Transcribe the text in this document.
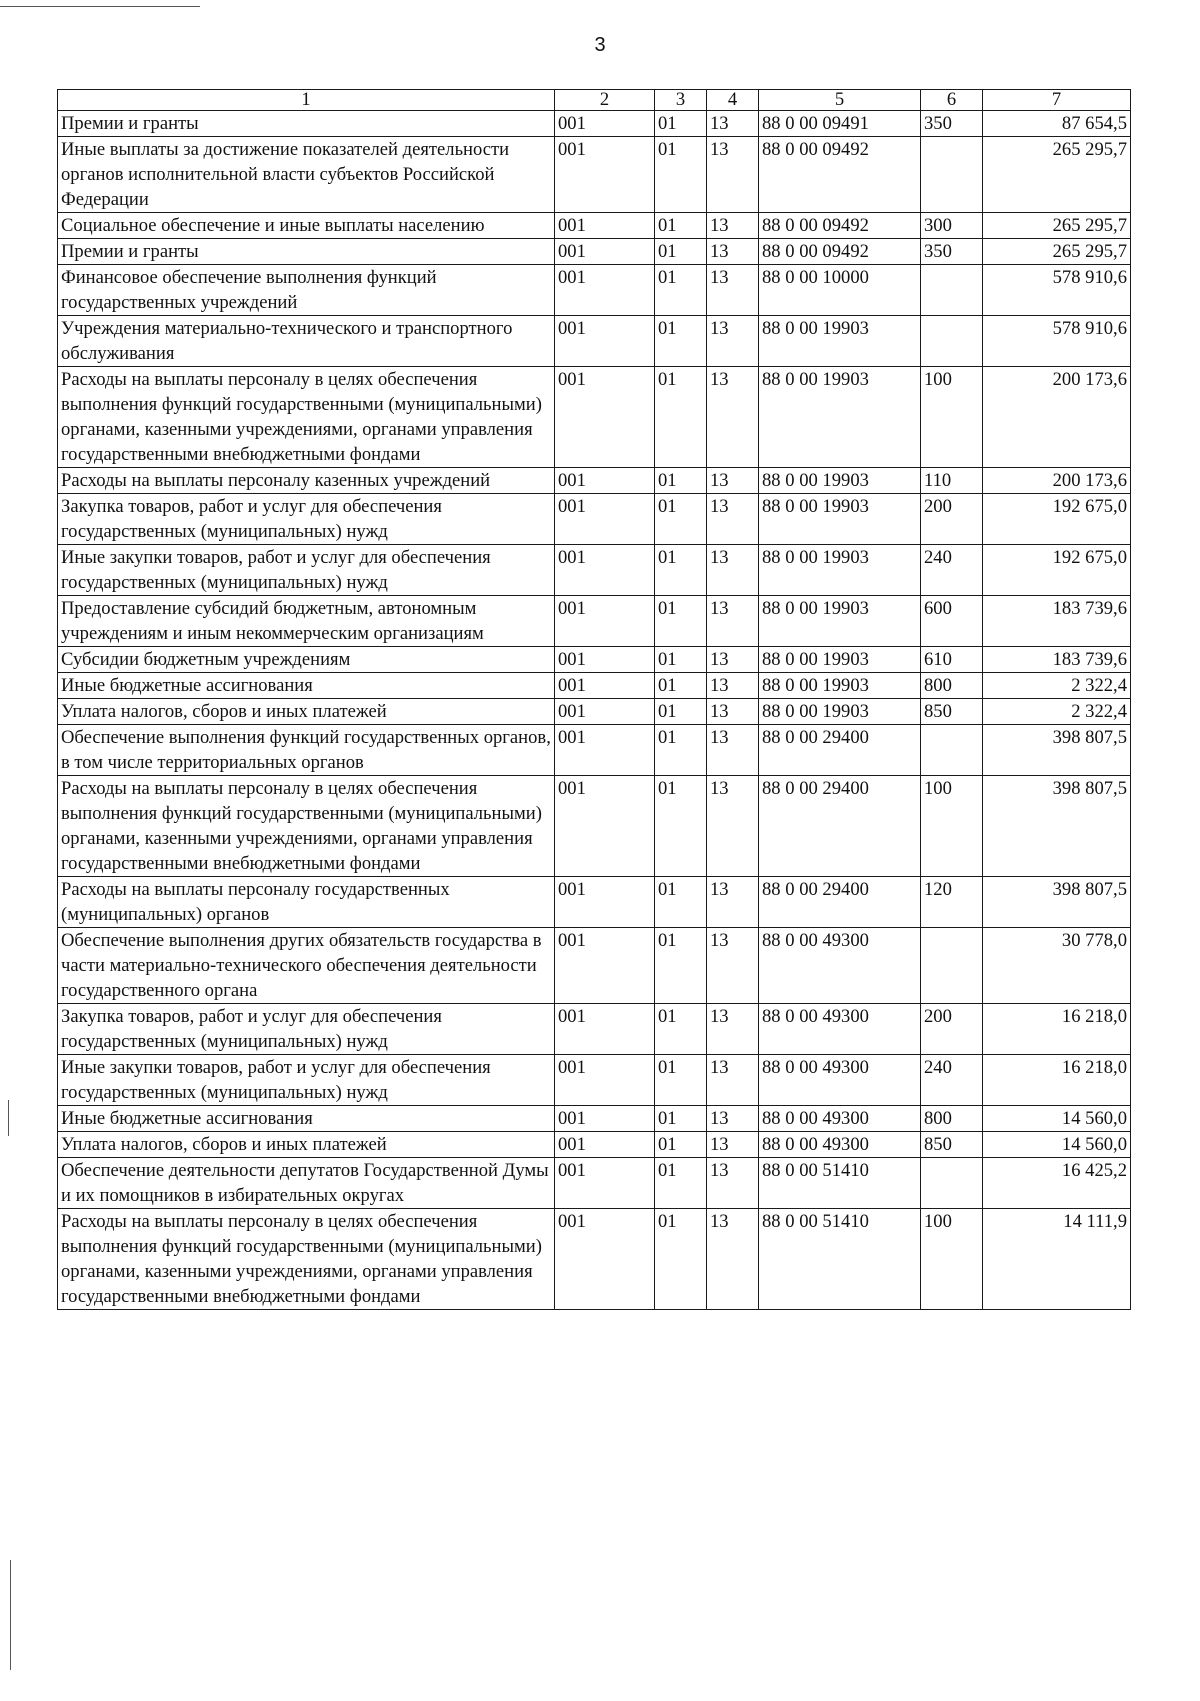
3
1	2	3	4	5	6	7
Премии и гранты	001	01	13	88 0 00 09491	350	87 654,5
Иные выплаты за достижение показателей деятельности органов исполнительной власти субъектов Российской Федерации	001	01	13	88 0 00 09492		265 295,7
Социальное обеспечение и иные выплаты населению	001	01	13	88 0 00 09492	300	265 295,7
Премии и гранты	001	01	13	88 0 00 09492	350	265 295,7
Финансовое обеспечение выполнения функций государственных учреждений	001	01	13	88 0 00 10000		578 910,6
Учреждения материально-технического и транспортного обслуживания	001	01	13	88 0 00 19903		578 910,6
Расходы на выплаты персоналу в целях обеспечения выполнения функций государственными (муниципальными) органами, казенными учреждениями, органами управления государственными внебюджетными фондами	001	01	13	88 0 00 19903	100	200 173,6
Расходы на выплаты персоналу казенных учреждений	001	01	13	88 0 00 19903	110	200 173,6
Закупка товаров, работ и услуг для обеспечения государственных (муниципальных) нужд	001	01	13	88 0 00 19903	200	192 675,0
Иные закупки товаров, работ и услуг для обеспечения государственных (муниципальных) нужд	001	01	13	88 0 00 19903	240	192 675,0
Предоставление субсидий бюджетным, автономным учреждениям и иным некоммерческим организациям	001	01	13	88 0 00 19903	600	183 739,6
Субсидии бюджетным учреждениям	001	01	13	88 0 00 19903	610	183 739,6
Иные бюджетные ассигнования	001	01	13	88 0 00 19903	800	2 322,4
Уплата налогов, сборов и иных платежей	001	01	13	88 0 00 19903	850	2 322,4
Обеспечение выполнения функций государственных органов, в том числе территориальных органов	001	01	13	88 0 00 29400		398 807,5
Расходы на выплаты персоналу в целях обеспечения выполнения функций государственными (муниципальными) органами, казенными учреждениями, органами управления государственными внебюджетными фондами	001	01	13	88 0 00 29400	100	398 807,5
Расходы на выплаты персоналу государственных (муниципальных) органов	001	01	13	88 0 00 29400	120	398 807,5
Обеспечение выполнения других обязательств государства в части материально-технического обеспечения деятельности государственного органа	001	01	13	88 0 00 49300		30 778,0
Закупка товаров, работ и услуг для обеспечения государственных (муниципальных) нужд	001	01	13	88 0 00 49300	200	16 218,0
Иные закупки товаров, работ и услуг для обеспечения государственных (муниципальных) нужд	001	01	13	88 0 00 49300	240	16 218,0
Иные бюджетные ассигнования	001	01	13	88 0 00 49300	800	14 560,0
Уплата налогов, сборов и иных платежей	001	01	13	88 0 00 49300	850	14 560,0
Обеспечение деятельности депутатов Государственной Думы и их помощников в избирательных округах	001	01	13	88 0 00 51410		16 425,2
Расходы на выплаты персоналу в целях обеспечения выполнения функций государственными (муниципальными) органами, казенными учреждениями, органами управления государственными внебюджетными фондами	001	01	13	88 0 00 51410	100	14 111,9
